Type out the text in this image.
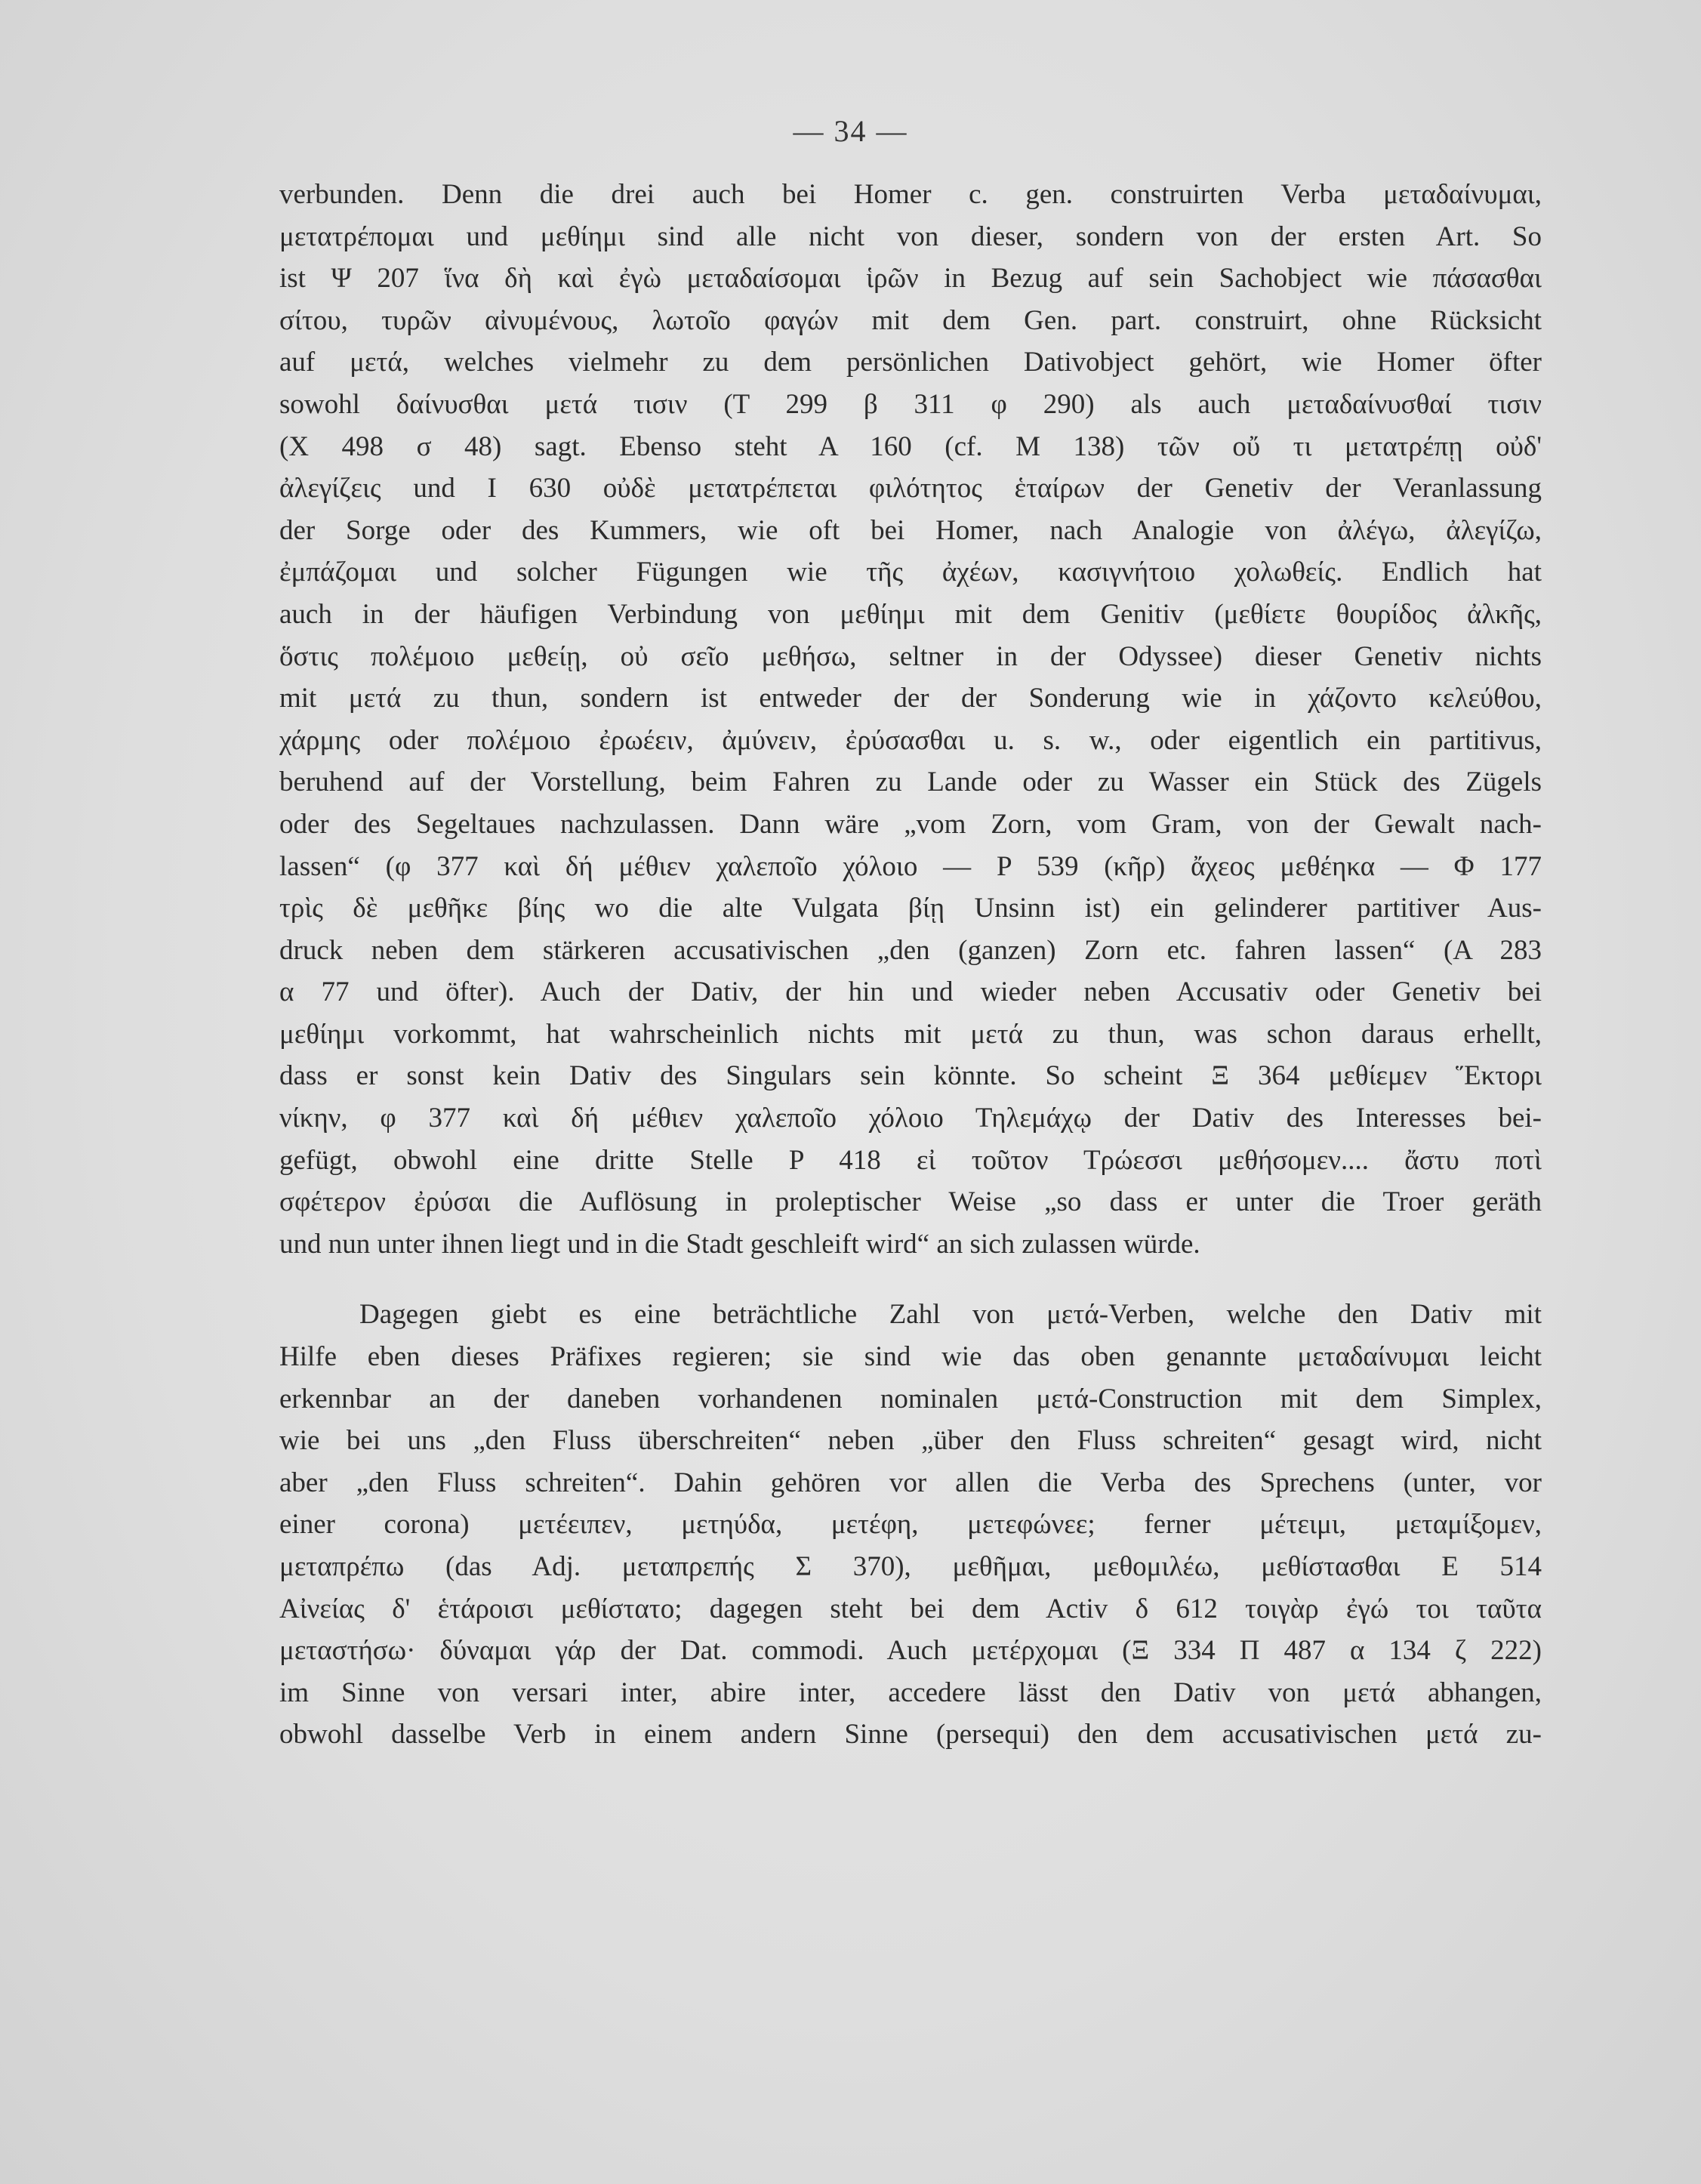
— 34 —
verbunden. Denn die drei auch bei Homer c. gen. construirten Verba μεταδαίνυμαι,
μετατρέπομαι und μεθίημι sind alle nicht von dieser, sondern von der ersten Art. So
ist Ψ 207 ἵνα δὴ καὶ ἐγὼ μεταδαίσομαι ἱρῶν in Bezug auf sein Sachobject wie πάσασθαι
σίτου, τυρῶν αἰνυμένους, λωτοῖο φαγών mit dem Gen. part. construirt, ohne Rücksicht
auf μετά, welches vielmehr zu dem persönlichen Dativobject gehört, wie Homer öfter
sowohl δαίνυσθαι μετά τισιν (T 299 β 311 φ 290) als auch μεταδαίνυσθαί τισιν
(X 498 σ 48) sagt. Ebenso steht A 160 (cf. M 138) τῶν οὔ τι μετατρέπῃ οὐδ'
ἀλεγίζεις und I 630 οὐδὲ μετατρέπεται φιλότητος ἑταίρων der Genetiv der Veranlassung
der Sorge oder des Kummers, wie oft bei Homer, nach Analogie von ἀλέγω, ἀλεγίζω,
ἐμπάζομαι und solcher Fügungen wie τῆς ἀχέων, κασιγνήτοιο χολωθείς. Endlich hat
auch in der häufigen Verbindung von μεθίημι mit dem Genitiv (μεθίετε θουρίδος ἀλκῆς,
ὅστις πολέμοιο μεθείῃ, οὐ σεῖο μεθήσω, seltner in der Odyssee) dieser Genetiv nichts
mit μετά zu thun, sondern ist entweder der der Sonderung wie in χάζοντο κελεύθου,
χάρμης oder πολέμοιο ἐρωέειν, ἀμύνειν, ἐρύσασθαι u. s. w., oder eigentlich ein partitivus,
beruhend auf der Vorstellung, beim Fahren zu Lande oder zu Wasser ein Stück des Zügels
oder des Segeltaues nachzulassen. Dann wäre „vom Zorn, vom Gram, von der Gewalt nach-
lassen“ (φ 377 καὶ δή μέθιεν χαλεποῖο χόλοιο — P 539 (κῆρ) ἄχεος μεθέηκα — Φ 177
τρὶς δὲ μεθῆκε βίης wo die alte Vulgata βίῃ Unsinn ist) ein gelinderer partitiver Aus-
druck neben dem stärkeren accusativischen „den (ganzen) Zorn etc. fahren lassen“ (A 283
α 77 und öfter). Auch der Dativ, der hin und wieder neben Accusativ oder Genetiv bei
μεθίημι vorkommt, hat wahrscheinlich nichts mit μετά zu thun, was schon daraus erhellt,
dass er sonst kein Dativ des Singulars sein könnte. So scheint Ξ 364 μεθίεμεν Ἕκτορι
νίκην, φ 377 καὶ δή μέθιεν χαλεποῖο χόλοιο Τηλεμάχῳ der Dativ des Interesses bei-
gefügt, obwohl eine dritte Stelle P 418 εἰ τοῦτον Τρώεσσι μεθήσομεν.... ἄστυ ποτὶ
σφέτερον ἐρύσαι die Auflösung in proleptischer Weise „so dass er unter die Troer geräth
und nun unter ihnen liegt und in die Stadt geschleift wird“ an sich zulassen würde.
Dagegen giebt es eine beträchtliche Zahl von μετά-Verben, welche den Dativ mit
Hilfe eben dieses Präfixes regieren; sie sind wie das oben genannte μεταδαίνυμαι leicht
erkennbar an der daneben vorhandenen nominalen μετά-Construction mit dem Simplex,
wie bei uns „den Fluss überschreiten“ neben „über den Fluss schreiten“ gesagt wird, nicht
aber „den Fluss schreiten“. Dahin gehören vor allen die Verba des Sprechens (unter, vor
einer corona) μετέειπεν, μετηύδα, μετέφη, μετεφώνεε; ferner μέτειμι, μεταμίξομεν,
μεταπρέπω (das Adj. μεταπρεπής Σ 370), μεθῆμαι, μεθομιλέω, μεθίστασθαι E 514
Αἰνείας δ' ἑτάροισι μεθίστατο; dagegen steht bei dem Activ δ 612 τοιγὰρ ἐγώ τοι ταῦτα
μεταστήσω· δύναμαι γάρ der Dat. commodi. Auch μετέρχομαι (Ξ 334 Π 487 α 134 ζ 222)
im Sinne von versari inter, abire inter, accedere lässt den Dativ von μετά abhangen,
obwohl dasselbe Verb in einem andern Sinne (persequi) den dem accusativischen μετά zu-
